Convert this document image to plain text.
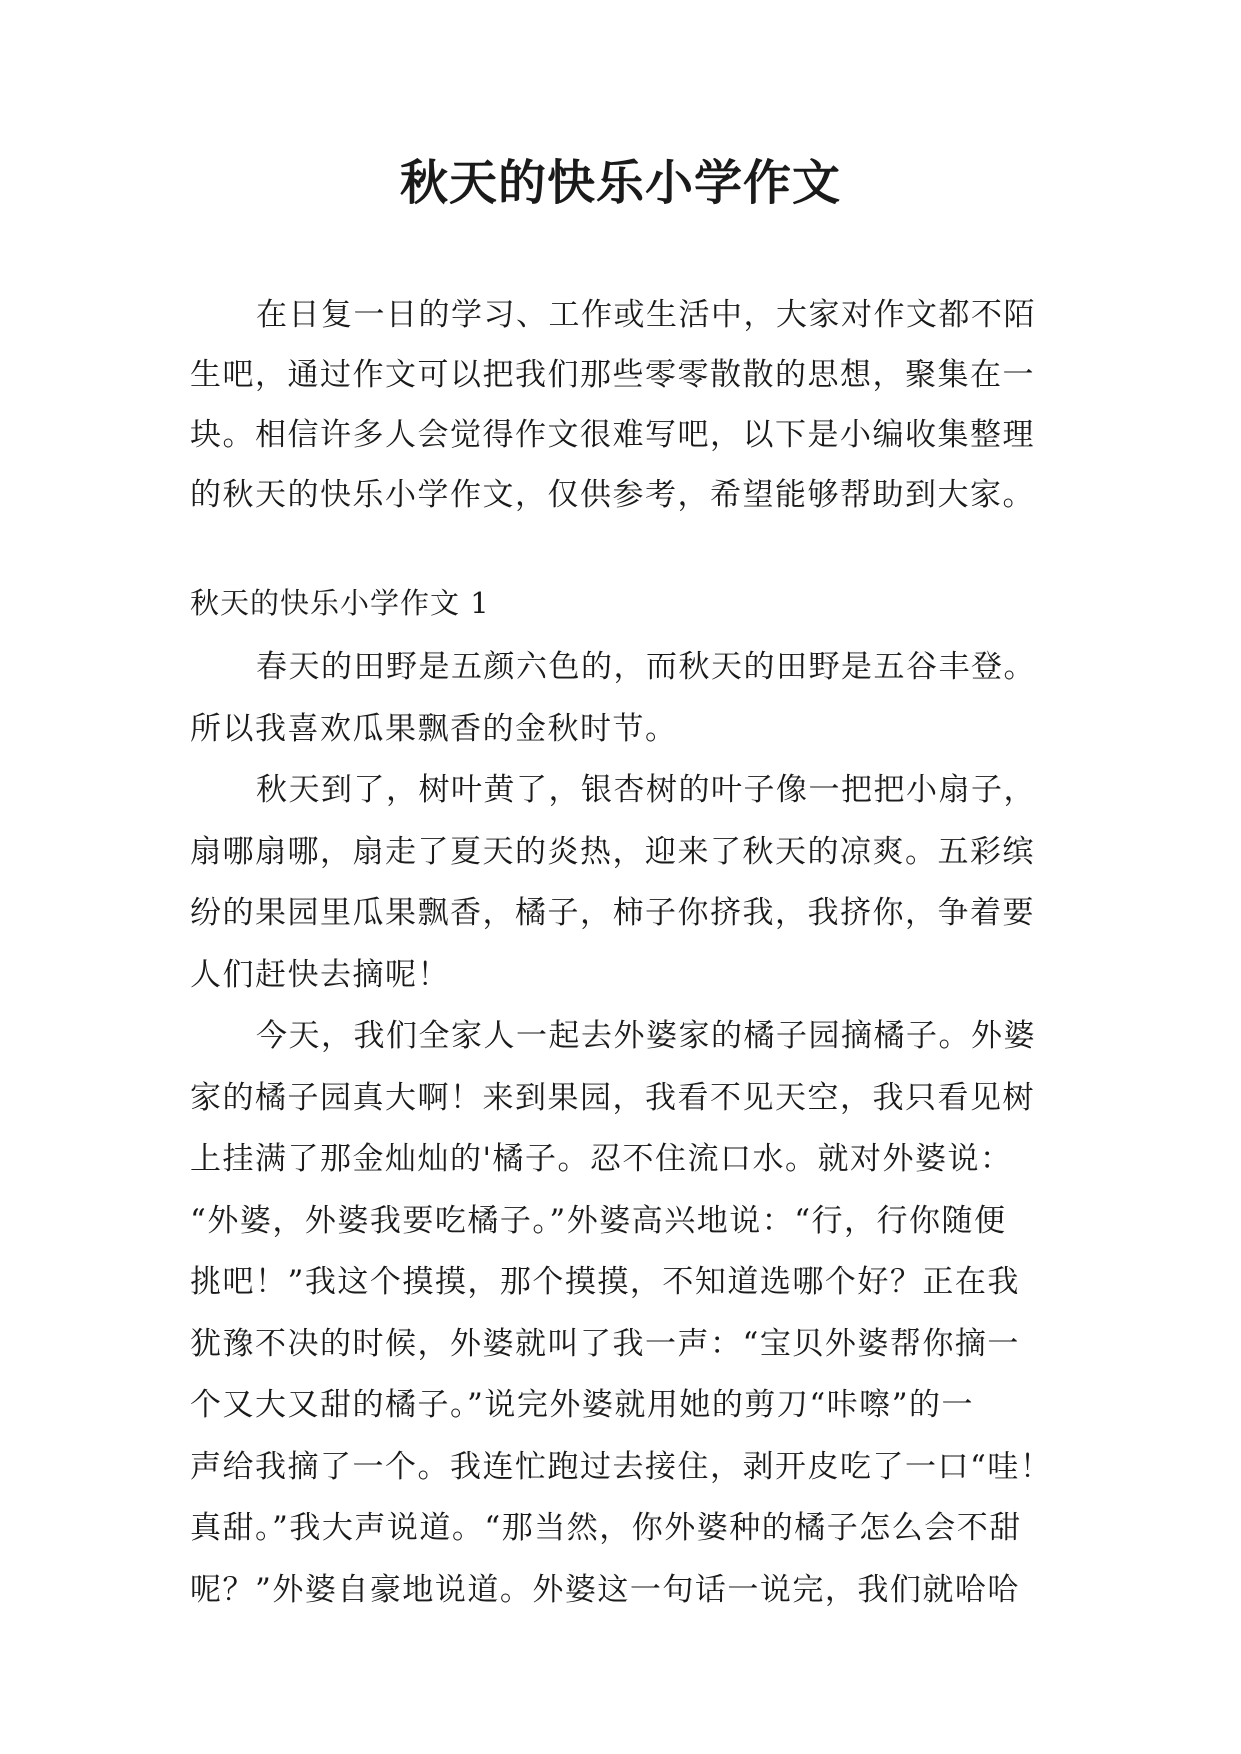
秋天的快乐小学作文
在日复一日的学习、工作或生活中，大家对作文都不陌
生吧，通过作文可以把我们那些零零散散的思想，聚集在一
块。相信许多人会觉得作文很难写吧，以下是小编收集整理
的秋天的快乐小学作文，仅供参考，希望能够帮助到大家。
秋天的快乐小学作文 1
春天的田野是五颜六色的，而秋天的田野是五谷丰登。
所以我喜欢瓜果飘香的金秋时节。
秋天到了，树叶黄了，银杏树的叶子像一把把小扇子，
扇哪扇哪，扇走了夏天的炎热，迎来了秋天的凉爽。五彩缤
纷的果园里瓜果飘香，橘子，柿子你挤我，我挤你，争着要
人们赶快去摘呢！
今天，我们全家人一起去外婆家的橘子园摘橘子。外婆
家的橘子园真大啊！来到果园，我看不见天空，我只看见树
上挂满了那金灿灿的'橘子。忍不住流口水。就对外婆说：
“外婆，外婆我要吃橘子。”外婆高兴地说：“行，行你随便
挑吧！”我这个摸摸，那个摸摸，不知道选哪个好？正在我
犹豫不决的时候，外婆就叫了我一声：“宝贝外婆帮你摘一
个又大又甜的橘子。”说完外婆就用她的剪刀“咔嚓”的一
声给我摘了一个。我连忙跑过去接住，剥开皮吃了一口“哇！
真甜。”我大声说道。“那当然，你外婆种的橘子怎么会不甜
呢？”外婆自豪地说道。外婆这一句话一说完，我们就哈哈
